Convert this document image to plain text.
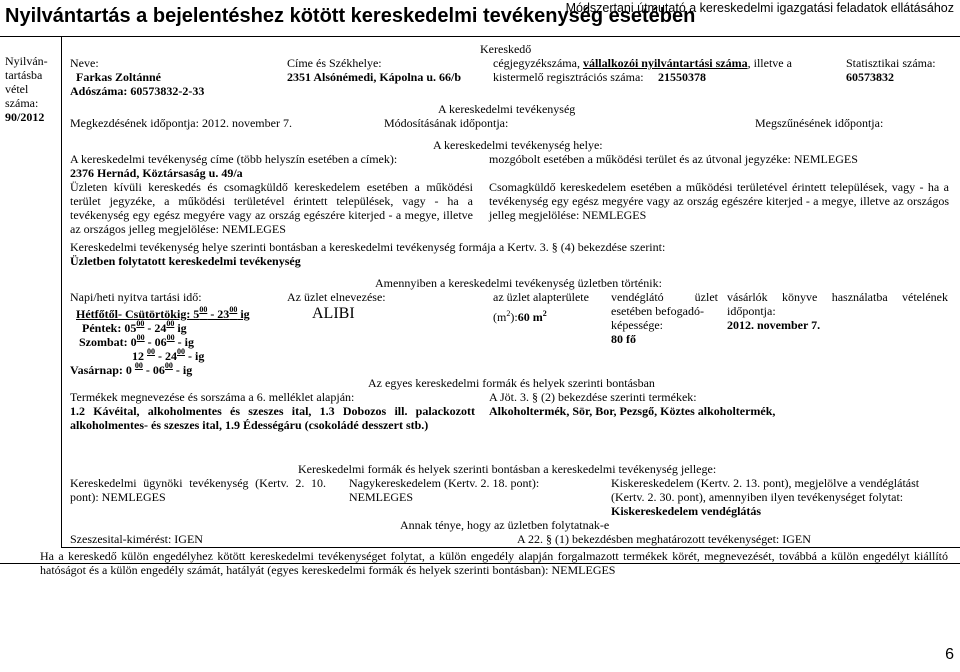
Nyilvántartás a bejelentéshez kötött kereskedelmi tevékenység esetében
Módszertani útmutató a kereskedelmi igazgatási feladatok ellátásához
Nyilván-
tartásba
vétel
száma:
90/2012
Kereskedő
Neve:
Farkas Zoltánné
Adószáma: 60573832-2-33
Címe és Székhelye:
2351 Alsónémedi, Kápolna u. 66/b
cégjegyzékszáma, vállalkozói nyilvántartási száma, illetve a
kistermelő regisztrációs száma: 21550378
Statisztikai száma:
60573832
A kereskedelmi tevékenység
Megkezdésének időpontja: 2012. november 7.	Módosításának időpontja:	Megszűnésének időpontja:
A kereskedelmi tevékenység helye:
A kereskedelmi tevékenység címe (több helyszín esetében a címek):	mozgóbolt esetében a működési terület és az útvonal jegyzéke: NEMLEGES
2376 Hernád, Köztársaság u. 49/a
Üzleten kívüli kereskedés és csomagküldő kereskedelem esetében a működési terület jegyzéke, a működési területével érintett települések, vagy - ha a tevékenység egy egész megyére vagy az ország egészére kiterjed - a megye, illetve az országos jelleg megjelölése: NEMLEGES
Csomagküldő kereskedelem esetében a működési területével érintett települések, vagy - ha a tevékenység egy egész megyére vagy az ország egészére kiterjed - a megye, illetve az országos jelleg megjelölése: NEMLEGES
Kereskedelmi tevékenység helye szerinti bontásban a kereskedelmi tevékenység formája a Kertv. 3. § (4) bekezdése szerint:
Üzletben folytatott kereskedelmi tevékenység
Amennyiben a kereskedelmi tevékenység üzletben történik:
Napi/heti nyitva tartási idő:
Hétfőtől- Csütörtökig: $5^{00} - 23^{00}$ ig
Péntek: $05^{00} - 24^{00}$ ig
Szombat: $0^{00} - 06^{00}$ - ig
12 $^{00} - 24^{00}$ - ig
Vasárnap: 0 $^{00} - 06^{00}$ - ig
Az üzlet elnevezése:
ALIBI
az üzlet alapterülete
$(m^2):60$ $m^2$
vendéglátó	üzlet
esetében befogadó-
képessége:
80 fő
vásárlók könyve használatba vételének
időpontja:
2012. november 7.
Az egyes kereskedelmi formák és helyek szerinti bontásban
Termékek megnevezése és sorszáma a 6. melléklet alapján:
1.2 Kávéital, alkoholmentes és szeszes ital, 1.3 Dobozos ill. palackozott alkoholmentes- és szeszes ital, 1.9 Édességáru (csokoládé desszert stb.)
A Jöt. 3. § (2) bekezdése szerinti termékek:
Alkoholtermék, Sör, Bor, Pezsgő, Köztes alkoholtermék,
Kereskedelmi formák és helyek szerinti bontásban a kereskedelmi tevékenység jellege:
Kereskedelmi ügynöki tevékenység (Kertv. 2. 10. pont): NEMLEGES
Nagykereskedelem (Kertv. 2. 18. pont):
NEMLEGES
Kiskereskedelem (Kertv. 2. 13. pont), megjelölve a vendéglátást
(Kertv. 2. 30. pont), amennyiben ilyen tevékenységet folytat:
Kiskereskedelem vendéglátás
Annak ténye, hogy az üzletben folytatnak-e
Szeszesital-kimérést: IGEN	A 22. § (1) bekezdésben meghatározott tevékenységet: IGEN
Ha a kereskedő külön engedélyhez kötött kereskedelmi tevékenységet folytat, a külön engedély alapján forgalmazott termékek körét, megnevezését, továbbá a külön engedélyt kiállító hatóságot és a külön engedély számát, hatályát (egyes kereskedelmi formák és helyek szerinti bontásban): NEMLEGES
6
